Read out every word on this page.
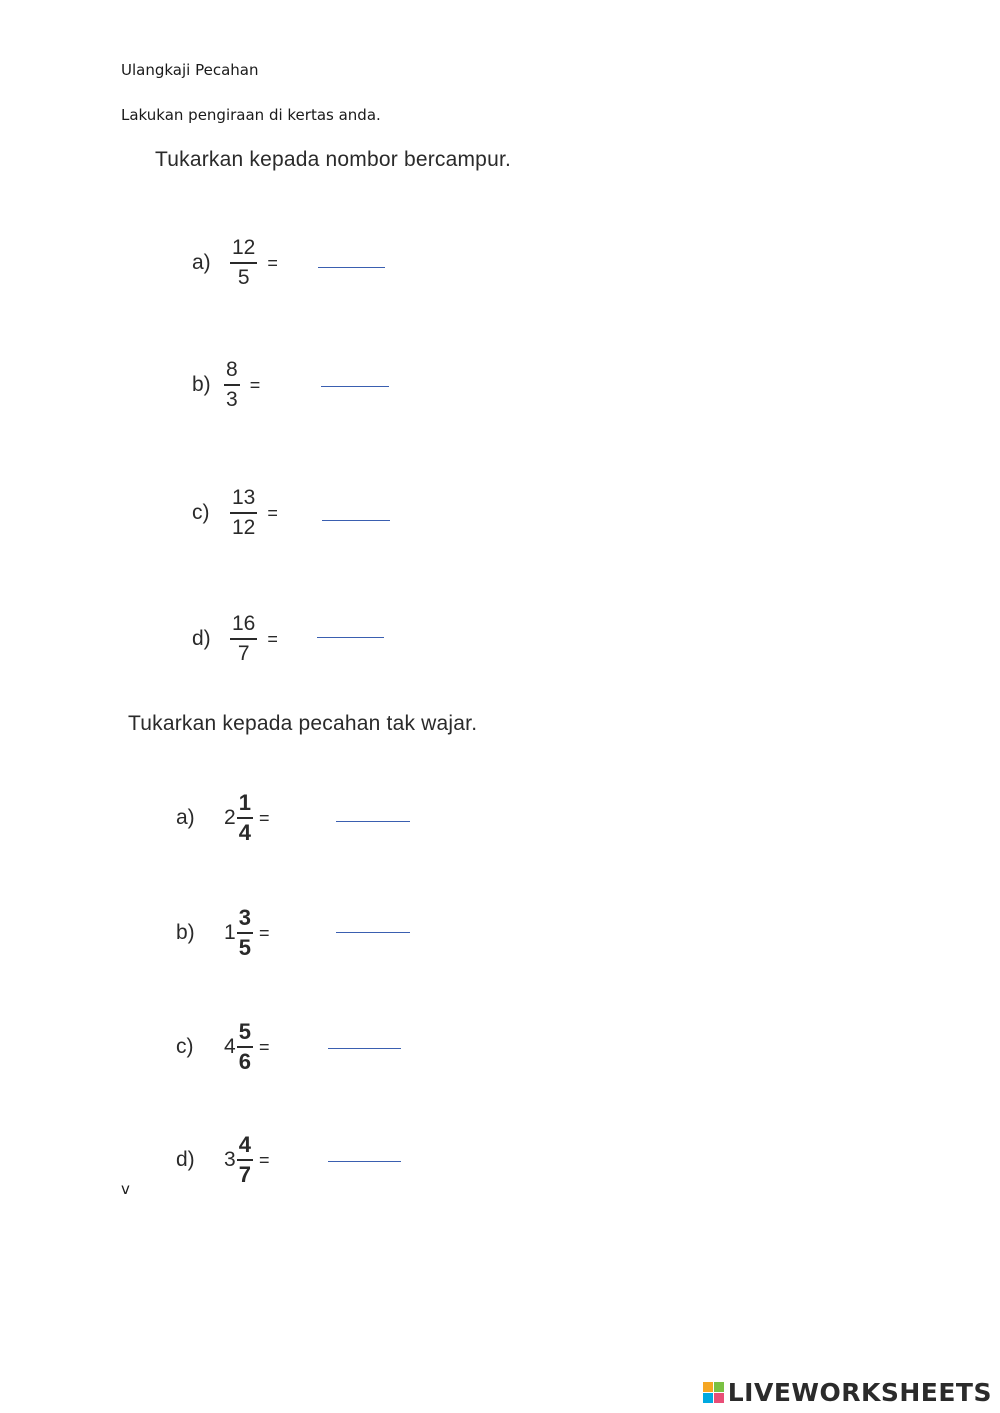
Ulangkaji Pecahan
Lakukan pengiraan di kertas anda.
Tukarkan kepada nombor bercampur.
$a) \frac{12}{5}$ =
$b) \frac{8}{3}$ =
$c) \frac{13}{12}$ =
$d) \frac{16}{7}$ =
Tukarkan kepada pecahan tak wajar.
a)	$2 \frac{1}{4}$ =
b)	$1 \frac{3}{5}$ =
c)	$4 \frac{5}{6}$ =
d)	$3 \frac{4}{7}$ =
v
LIVEWORKSHEETS
